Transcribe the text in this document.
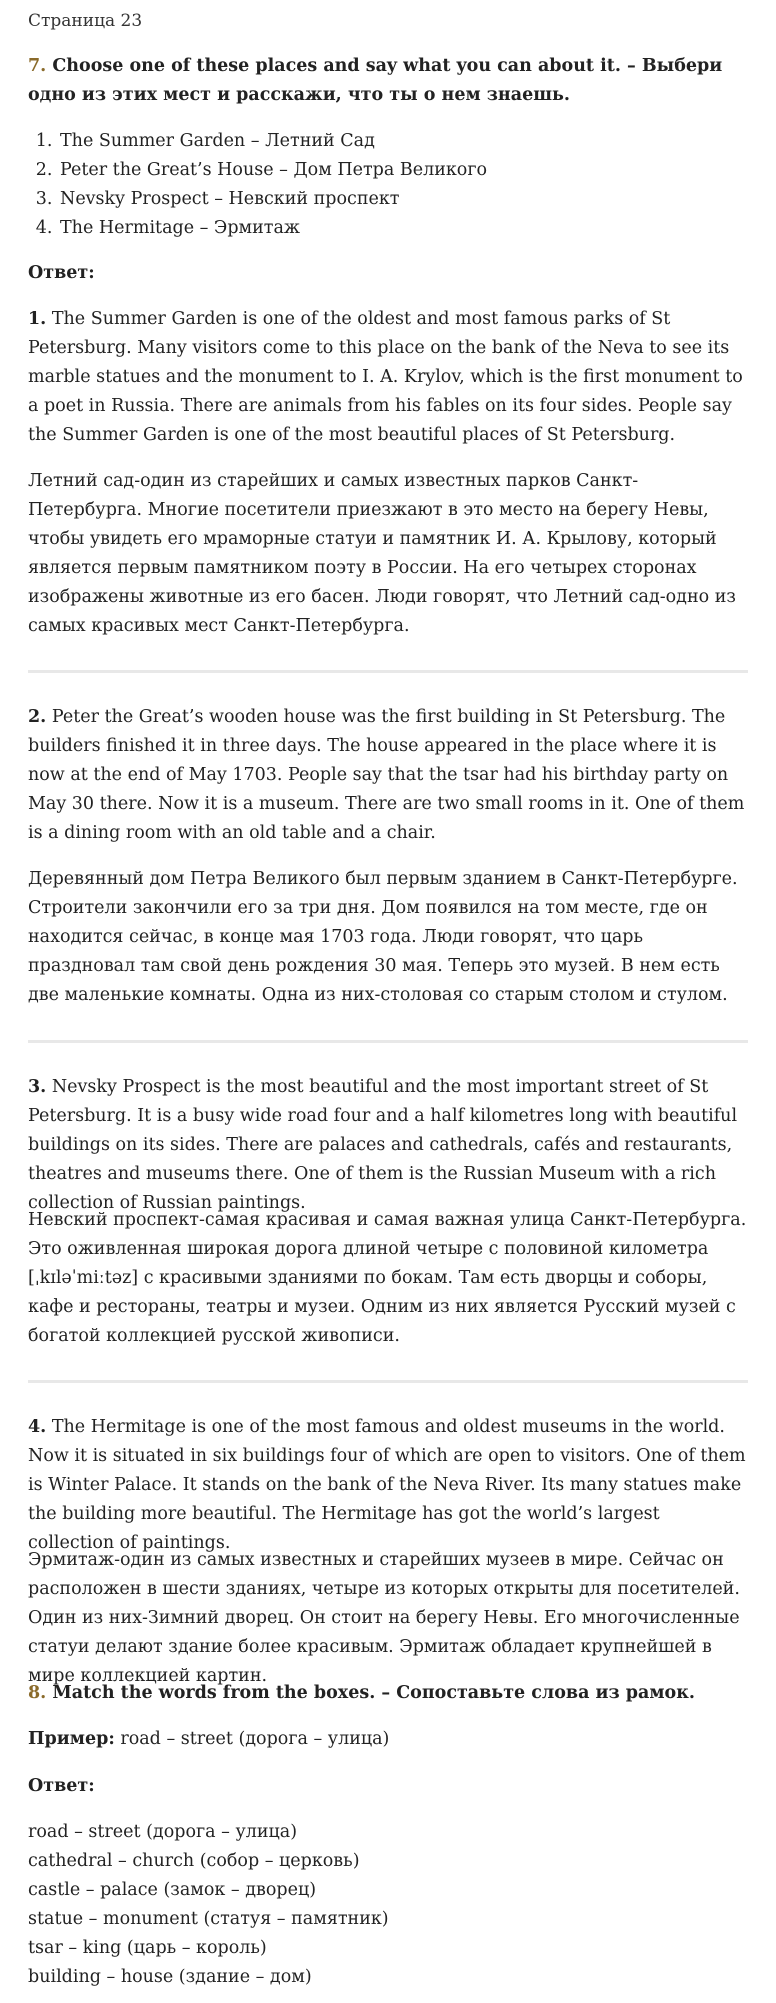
Страница 23
7. Choose one of these places and say what you can about it. – Выбери одно из этих мест и расскажи, что ты о нем знаешь.
1. The Summer Garden – Летний Сад
2. Peter the Great’s House – Дом Петра Великого
3. Nevsky Prospect – Невский проспект
4. The Hermitage – Эрмитаж
Ответ:

1. The Summer Garden is one of the oldest and most famous parks of St Petersburg. Many visitors come to this place on the bank of the Neva to see its marble statues and the monument to I. A. Krylov, which is the first monument to a poet in Russia. There are animals from his fables on its four sides. People say the Summer Garden is one of the most beautiful places of St Petersburg.

Летний сад-один из старейших и самых известных парков Санкт-Петербурга. Многие посетители приезжают в это место на берегу Невы, чтобы увидеть его мраморные статуи и памятник И. А. Крылову, который является первым памятником поэту в России. На его четырех сторонах изображены животные из его басен. Люди говорят, что Летний сад-одно из самых красивых мест Санкт-Петербурга.

2. Peter the Great’s wooden house was the first building in St Petersburg. The builders finished it in three days. The house appeared in the place where it is now at the end of May 1703. People say that the tsar had his birthday party on May 30 there. Now it is a museum. There are two small rooms in it. One of them is a dining room with an old table and a chair.

Деревянный дом Петра Великого был первым зданием в Санкт-Петербурге. Строители закончили его за три дня. Дом появился на том месте, где он находится сейчас, в конце мая 1703 года. Люди говорят, что царь праздновал там свой день рождения 30 мая. Теперь это музей. В нем есть две маленькие комнаты. Одна из них-столовая со старым столом и стулом.

3. Nevsky Prospect is the most beautiful and the most important street of St Petersburg. It is a busy wide road four and a half kilometres long with beautiful buildings on its sides. There are palaces and cathedrals, cafés and restaurants, theatres and museums there. One of them is the Russian Museum with a rich collection of Russian paintings.

Невский проспект-самая красивая и самая важная улица Санкт-Петербурга. Это оживленная широкая дорога длиной четыре с половиной километра [ˌkɪləˈmiːtəz] с красивыми зданиями по бокам. Там есть дворцы и соборы, кафе и рестораны, театры и музеи. Одним из них является Русский музей с богатой коллекцией русской живописи.

4. The Hermitage is one of the most famous and oldest museums in the world. Now it is situated in six buildings four of which are open to visitors. One of them is Winter Palace. It stands on the bank of the Neva River. Its many statues make the building more beautiful. The Hermitage has got the world’s largest collection of paintings.

Эрмитаж-один из самых известных и старейших музеев в мире. Сейчас он расположен в шести зданиях, четыре из которых открыты для посетителей. Один из них-Зимний дворец. Он стоит на берегу Невы. Его многочисленные статуи делают здание более красивым. Эрмитаж обладает крупнейшей в мире коллекцией картин.

8. Match the words from the boxes. – Сопоставьте слова из рамок.
Пример: road – street (дорога – улица)
Ответ:
road – street (дорога – улица)
cathedral – church (собор – церковь)
castle – palace (замок – дворец)
statue – monument (статуя – памятник)
tsar – king (царь – король)
building – house (здание – дом)
